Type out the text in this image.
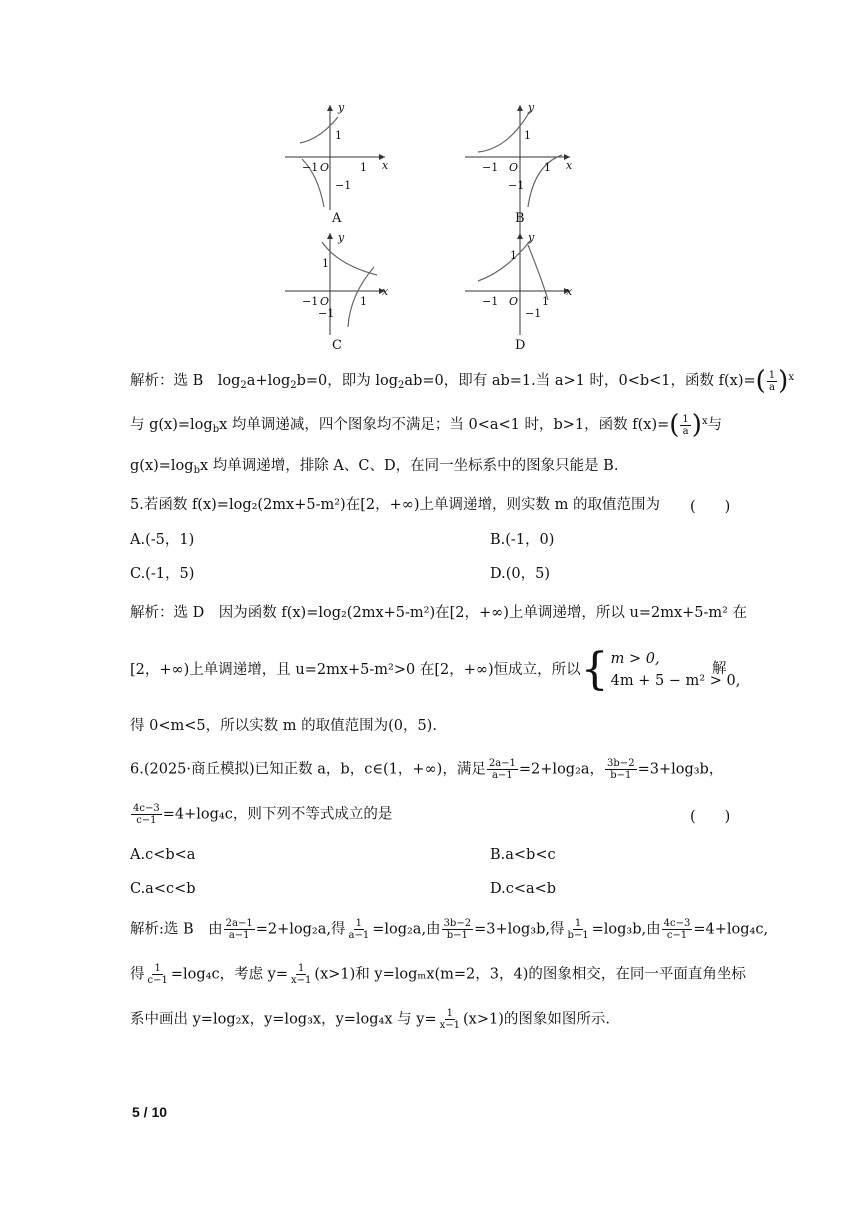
−1 O	1 x
y
1
−1
−1 O 1 x
y
1
−1
−1 O	1
x
y
1
−1
−1 O 1
x
y
1
−1
A	B
C	D
解析：选 B　$\log_2a+\log_2b=0$，即为 $\log_2ab=0$，即有 ab=1.当 a>1 时，0<b<1，函数 $f(x)=( \frac{1}{a} )^x$
与 $g(x)=\log_bx$ 均单调递减，四个图象均不满足；当 0<a<1 时，b>1，函数 $f(x)=( \frac{1}{a} )^x$与
$g(x)=\log_bx$ 均单调递增，排除 A、C、D，在同一坐标系中的图象只能是 B.
5.若函数 f(x)=log₂(2mx+5-m²)在[2，+∞)上单调递增，则实数 m 的取值范围为 (　　)
A.(-5，1)	B.(-1，0)
C.(-1，5)	D.(0，5)
解析：选 D　因为函数 f(x)=log₂(2mx+5-m²)在[2，+∞)上单调递增，所以 u=2mx+5-m² 在
[2，+∞)上单调递增，且 u=2mx+5-m²>0 在[2，+∞)恒成立，所以 { m > 0,
4m + 5 − m² > 0,
解
得 0<m<5，所以实数 m 的取值范围为(0，5).
6.(2025·商丘模拟)已知正数 a，b，c∈(1，+∞)，满足 $\frac{2a-1}{a-1} =2+\log_2a$， $\frac{3b-2}{b-1} =3+\log_3b$，
$\frac{4c-3}{c-1} =4+\log_4c$，则下列不等式成立的是	(　　)
A.c<b<a	B.a<b<c
C.a<c<b	D.c<a<b
解析:选 B　由 $\frac{2a-1}{a-1} =2+\log_2a$,得 $\frac{1}{a-1} =\log_2a$,由 $\frac{3b-2}{b-1} =3+\log_3b$,得 $\frac{1}{b-1} =\log_3b$,由 $\frac{4c-3}{c-1} =4+\log_4c$,
得 $\frac{1}{c-1} =\log_4c$，考虑 $y= \frac{1}{x-1} (x>1)$和 y=logₘx(m=2，3，4)的图象相交，在同一平面直角坐标
系中画出 y=log₂x，y=log₃x，y=log₄x 与 $y= \frac{1}{x-1} (x>1)$的图象如图所示.
5 / 10
